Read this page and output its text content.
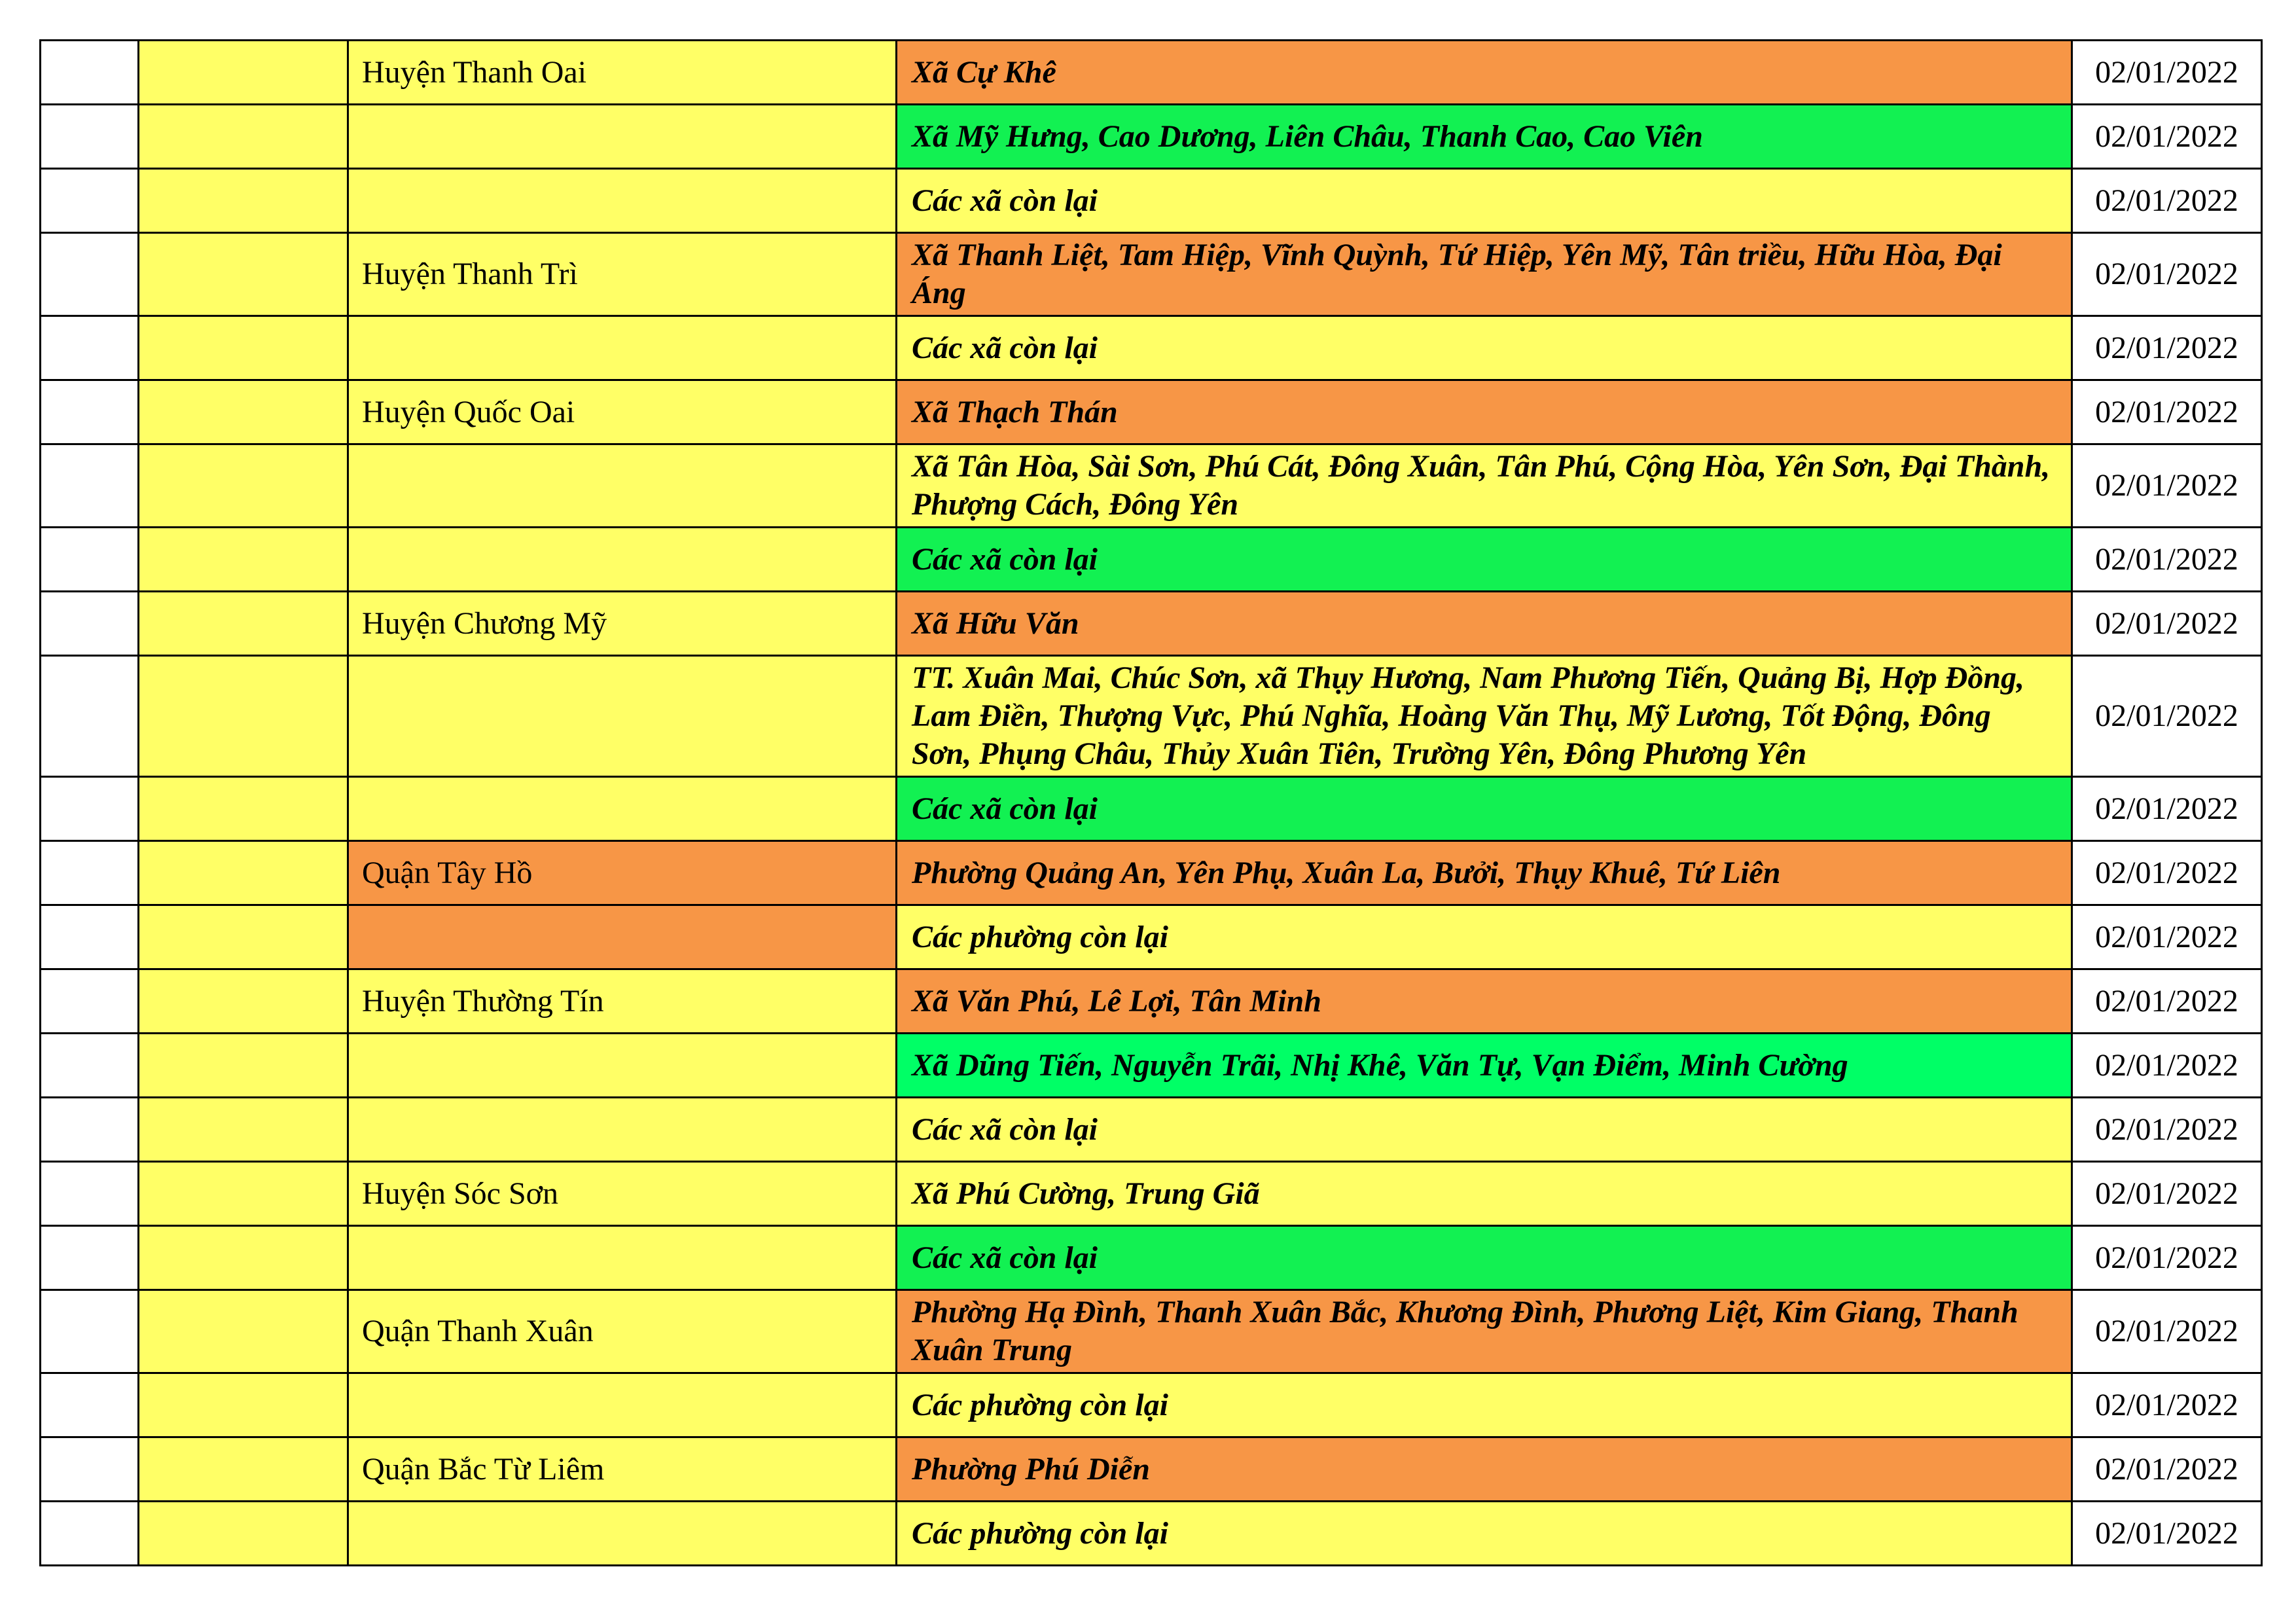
		Huyện Thanh Oai	Xã Cự Khê	02/01/2022
			Xã Mỹ Hưng, Cao Dương, Liên Châu, Thanh Cao, Cao Viên	02/01/2022
			Các xã còn lại	02/01/2022
		Huyện Thanh Trì	Xã Thanh Liệt, Tam Hiệp, Vĩnh Quỳnh, Tứ Hiệp, Yên Mỹ, Tân triều, Hữu Hòa, Đại Áng	02/01/2022
			Các xã còn lại	02/01/2022
		Huyện Quốc Oai	Xã Thạch Thán	02/01/2022
			Xã Tân Hòa, Sài Sơn, Phú Cát, Đông Xuân, Tân Phú, Cộng Hòa, Yên Sơn, Đại Thành, Phượng Cách, Đông Yên	02/01/2022
			Các xã còn lại	02/01/2022
		Huyện Chương Mỹ	Xã Hữu Văn	02/01/2022
			TT. Xuân Mai, Chúc Sơn, xã Thụy Hương, Nam Phương Tiến, Quảng Bị, Hợp Đồng, Lam Điền, Thượng Vực, Phú Nghĩa, Hoàng Văn Thụ, Mỹ Lương, Tốt Động, Đông Sơn, Phụng Châu, Thủy Xuân Tiên, Trường Yên, Đông Phương Yên	02/01/2022
			Các xã còn lại	02/01/2022
		Quận Tây Hồ	Phường Quảng An, Yên Phụ, Xuân La, Bưởi, Thụy Khuê, Tứ Liên	02/01/2022
			Các phường còn lại	02/01/2022
		Huyện Thường Tín	Xã Văn Phú, Lê Lợi, Tân Minh	02/01/2022
			Xã Dũng Tiến, Nguyễn Trãi, Nhị Khê, Văn Tự, Vạn Điểm, Minh Cường	02/01/2022
			Các xã còn lại	02/01/2022
		Huyện Sóc Sơn	Xã Phú Cường, Trung Giã	02/01/2022
			Các xã còn lại	02/01/2022
		Quận Thanh Xuân	Phường Hạ Đình, Thanh Xuân Bắc, Khương Đình, Phương Liệt, Kim Giang, Thanh Xuân Trung	02/01/2022
			Các phường còn lại	02/01/2022
		Quận Bắc Từ Liêm	Phường Phú Diễn	02/01/2022
			Các phường còn lại	02/01/2022
